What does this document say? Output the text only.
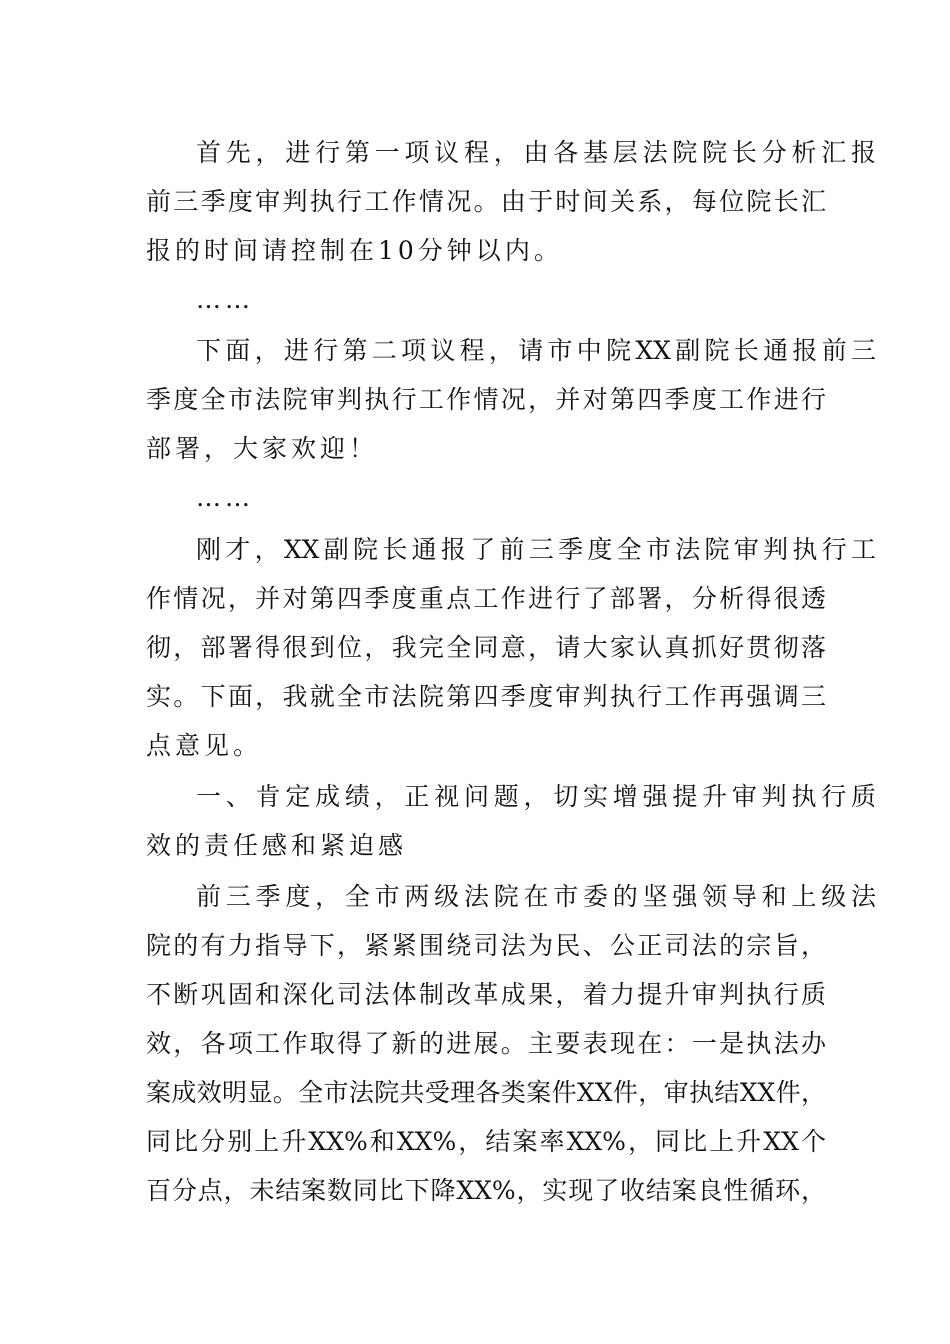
首先，进行第一项议程，由各基层法院院长分析汇报
前三季度审判执行工作情况。由于时间关系，每位院长汇
报的时间请控制在10分钟以内。
……
下面，进行第二项议程，请市中院XX副院长通报前三
季度全市法院审判执行工作情况，并对第四季度工作进行
部署，大家欢迎！
……
刚才，XX副院长通报了前三季度全市法院审判执行工
作情况，并对第四季度重点工作进行了部署，分析得很透
彻，部署得很到位，我完全同意，请大家认真抓好贯彻落
实。下面，我就全市法院第四季度审判执行工作再强调三
点意见。
一、肯定成绩，正视问题，切实增强提升审判执行质
效的责任感和紧迫感
前三季度，全市两级法院在市委的坚强领导和上级法
院的有力指导下，紧紧围绕司法为民、公正司法的宗旨，
不断巩固和深化司法体制改革成果，着力提升审判执行质
效，各项工作取得了新的进展。主要表现在：一是执法办
案成效明显。全市法院共受理各类案件XX件，审执结XX件，
同比分别上升XX%和XX%，结案率XX%，同比上升XX个
百分点，未结案数同比下降XX%，实现了收结案良性循环，
